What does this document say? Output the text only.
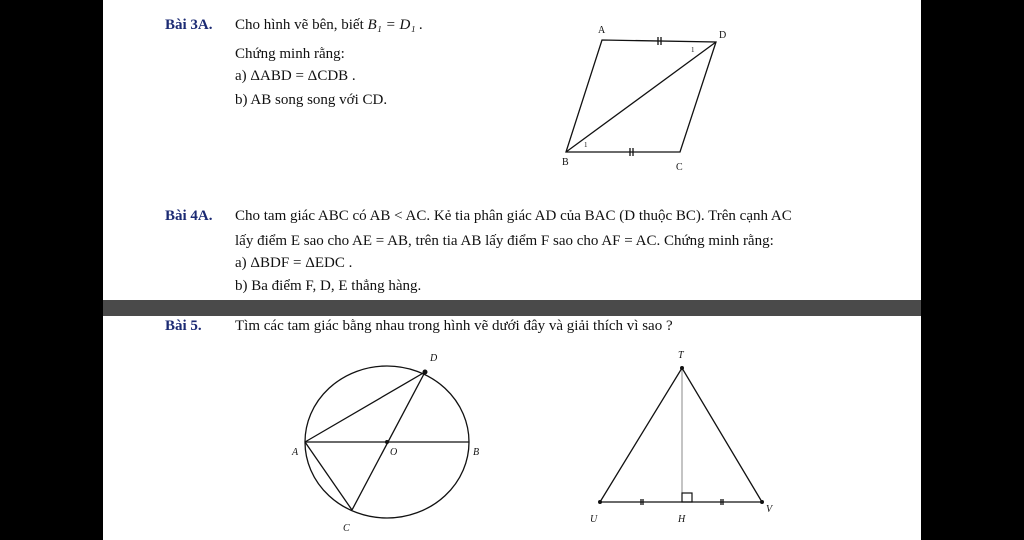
Bài 3A. Cho hình vẽ bên, biết B₁ = D₁ .
Chứng minh rằng:
a) ΔABD = ΔCDB .
b) AB song song với CD.
A	D
B	C
1
1
Bài 4A. Cho tam giác ABC có AB < AC. Kẻ tia phân giác AD của BAC (D thuộc BC). Trên cạnh AC
lấy điểm E sao cho AE = AB, trên tia AB lấy điểm F sao cho AF = AC. Chứng minh rằng:
a) ΔBDF = ΔEDC .
b) Ba điểm F, D, E thẳng hàng.
Bài 5. Tìm các tam giác bằng nhau trong hình vẽ dưới đây và giải thích vì sao ?
D
A	O	B
C
T
U	H
V
